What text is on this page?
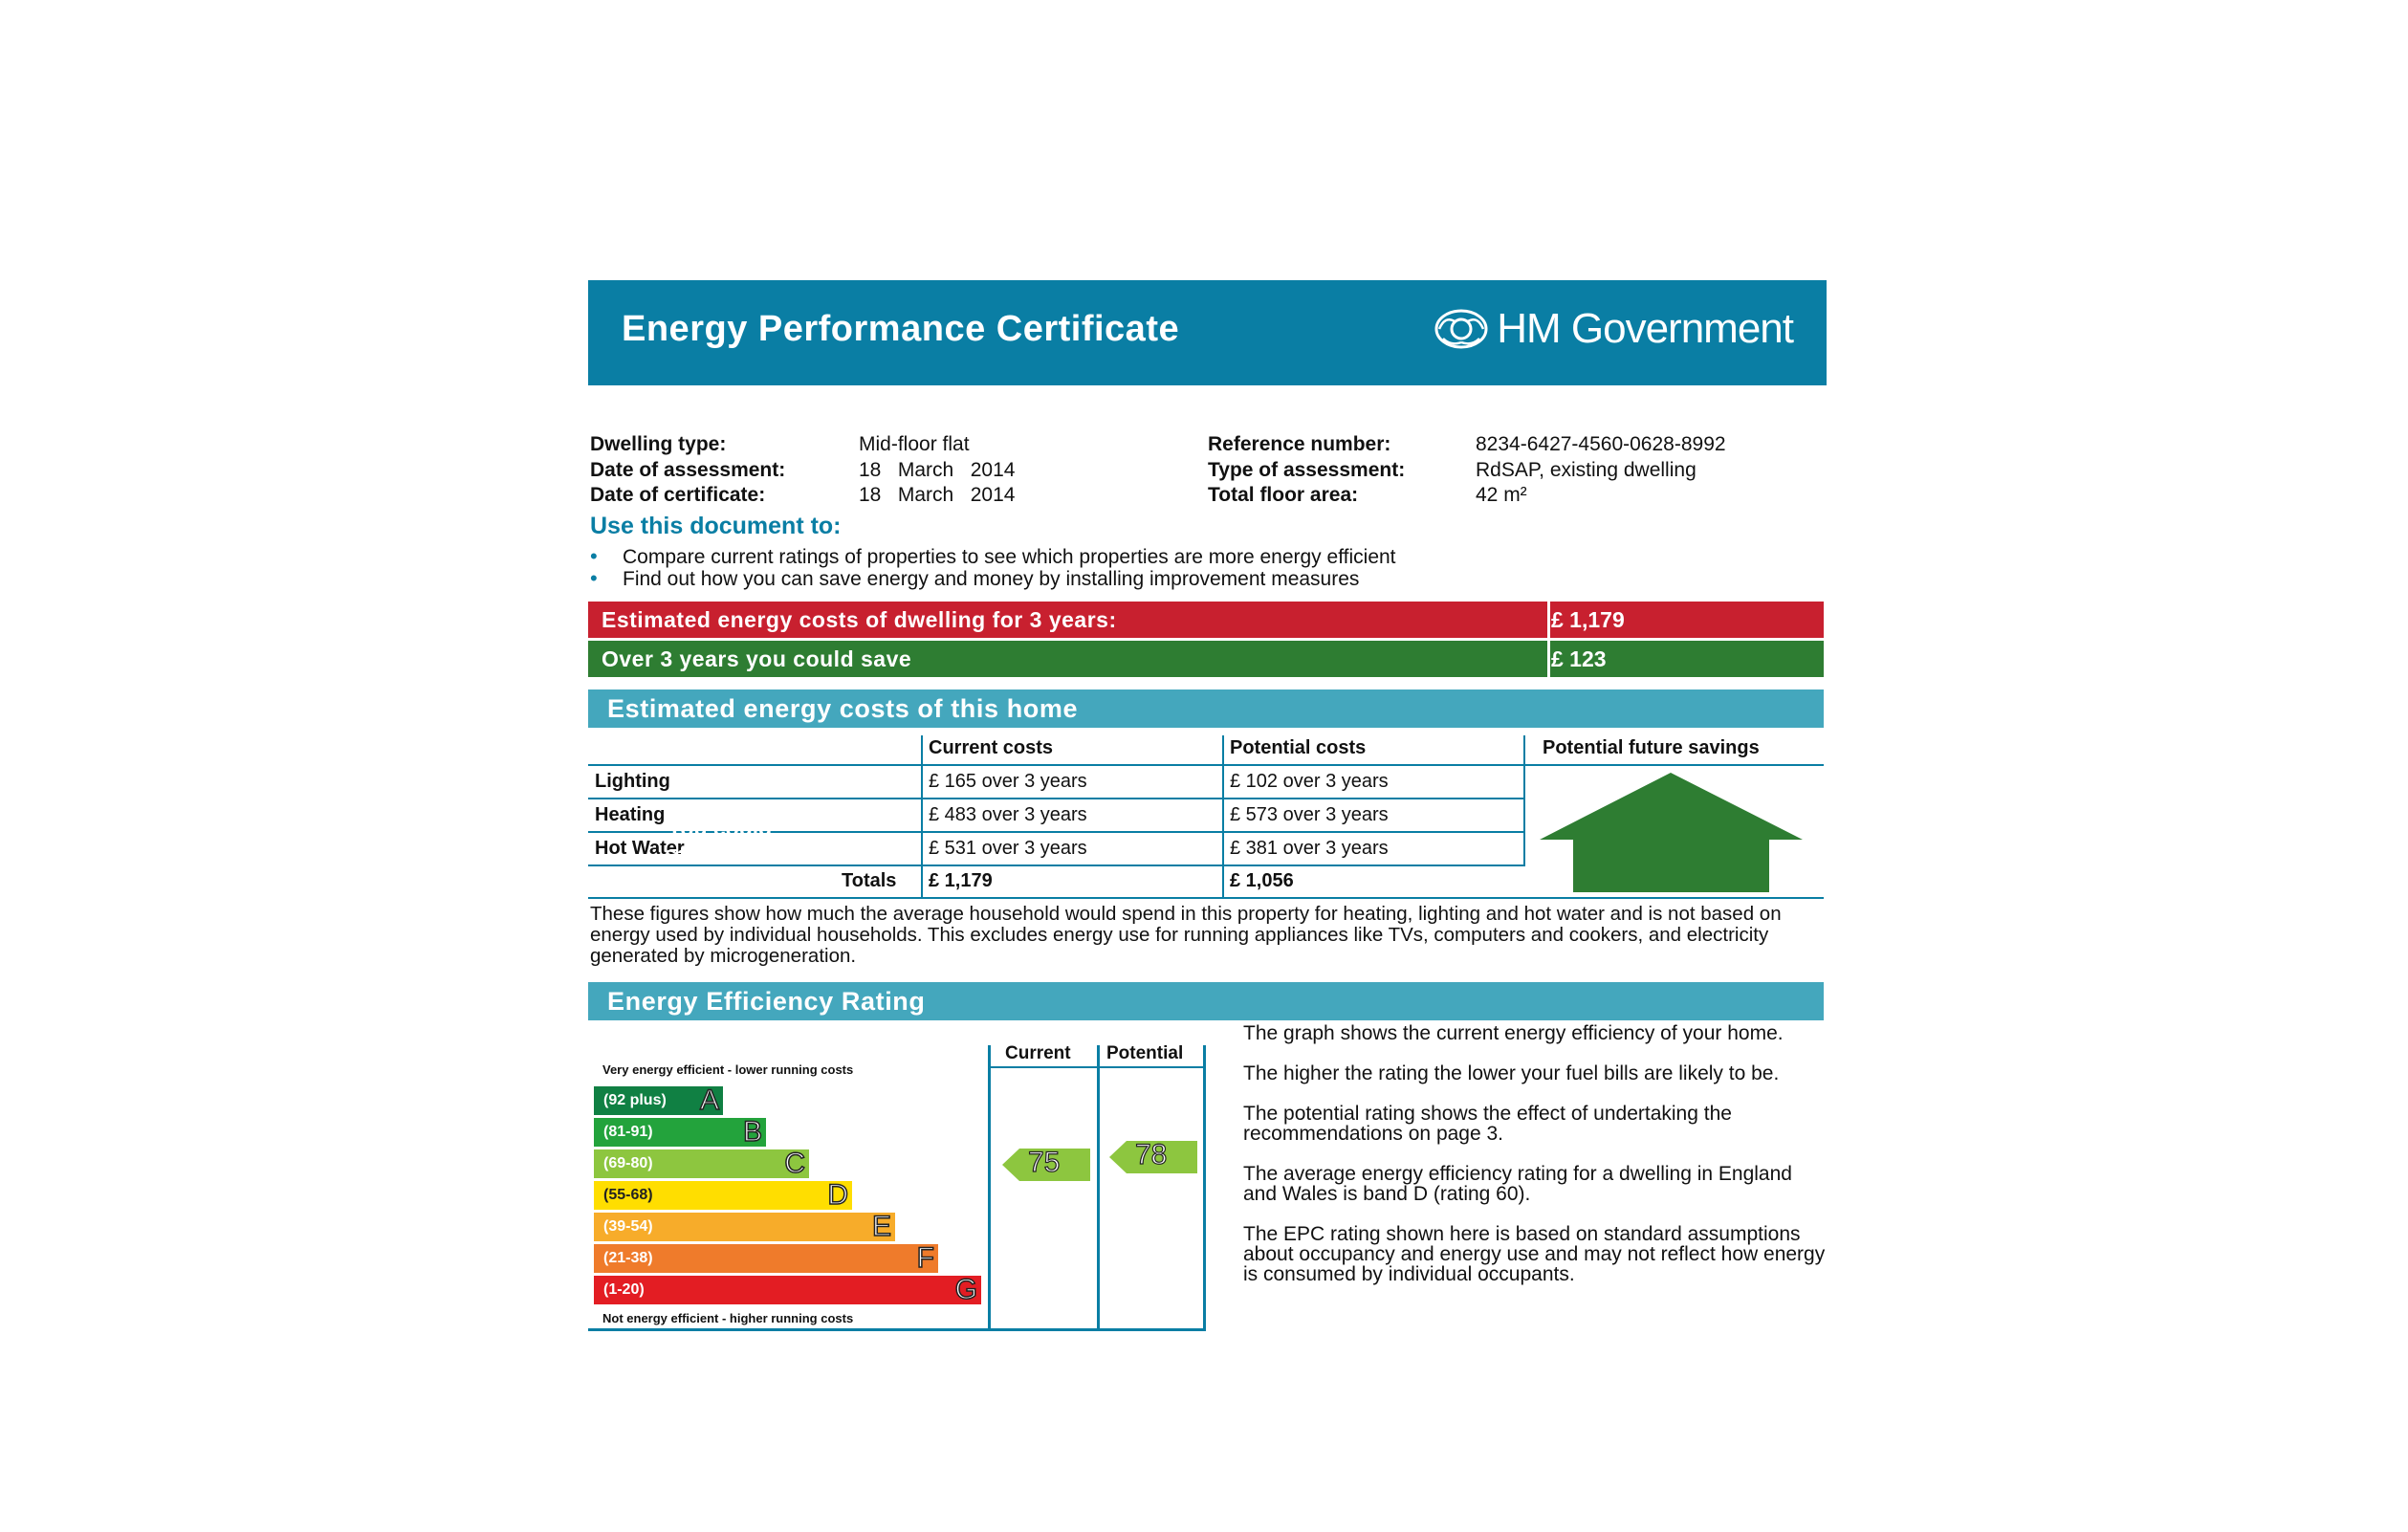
Energy Performance Certificate	HM Government
Dwelling type:	Mid-floor flat
Date of assessment:	18   March   2014
Date of certificate:	18   March   2014
Reference number:	8234-6427-4560-0628-8992
Type of assessment:	RdSAP, existing dwelling
Total floor area:	42 m²
Use this document to:
• Compare current ratings of properties to see which properties are more energy efficient
• Find out how you can save energy and money by installing improvement measures
Estimated energy costs of dwelling for 3 years:	£ 1,179
Over 3 years you could save	£ 123
Estimated energy costs of this home
Current costs	Potential costs	Potential future savings
Lighting	£ 165 over 3 years	£ 102 over 3 years
Heating	£ 483 over 3 years	£ 573 over 3 years
Hot Water	£ 531 over 3 years	£ 381 over 3 years
Totals £ 1,179	£ 1,056
You could
save £ 123
over 3 years
These figures show how much the average household would spend in this property for heating, lighting and hot water and is not based on energy used by individual households. This excludes energy use for running appliances like TVs, computers and cookers, and electricity generated by microgeneration.
Energy Efficiency Rating
Very energy efficient - lower running costs
Not energy efficient - higher running costs
(92 plus) A
(81-91)	B
(69-80)	C
(55-68)	D
(39-54)	E
(21-38)	F
(1-20)	G
Current Potential
75	78

The graph shows the current energy efficiency of your home.

The higher the rating the lower your fuel bills are likely to be.

The potential rating shows the effect of undertaking the recommendations on page 3.

The average energy efficiency rating for a dwelling in England and Wales is band D (rating 60).

The EPC rating shown here is based on standard assumptions about occupancy and energy use and may not reflect how energy is consumed by individual occupants.
